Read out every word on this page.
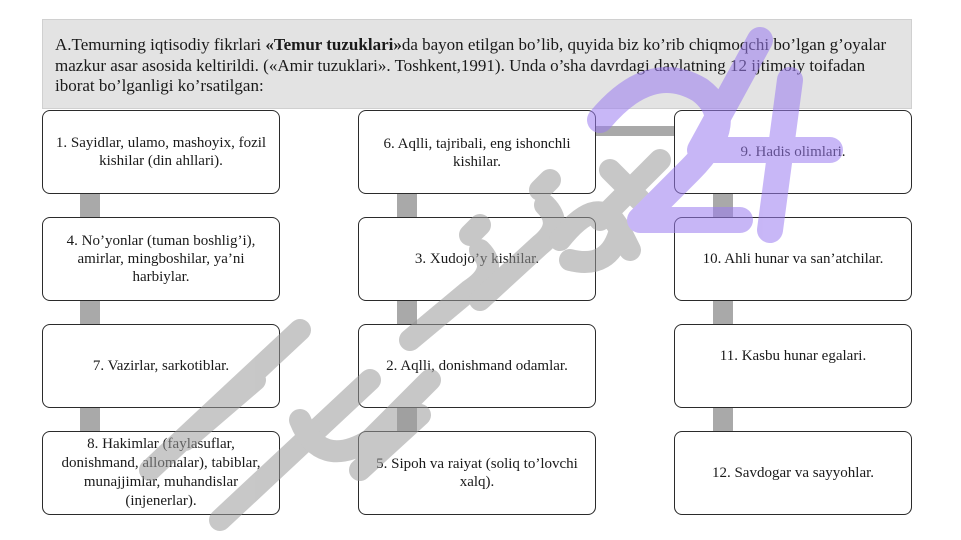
A.Temurning iqtisodiy fikrlari «Temur tuzuklari»da bayon etilgan bo’lib, quyida biz ko’rib chiqmoqchi bo’lgan g’oyalar mazkur asar asosida keltirildi. («Amir tuzuklari». Toshkent,1991). Unda o’sha davrdagi davlatning 12 ijtimoiy toifadan iborat bo’lganligi ko’rsatilgan:
1. Sayidlar, ulamo, mashoyix, fozil kishilar (din ahllari).
4. No’yonlar (tuman boshlig’i), amirlar, mingboshilar, ya’ni harbiylar.
7. Vazirlar, sarkotiblar.
8. Hakimlar (faylasuflar, donishmand, allomalar), tabiblar, munajjimlar, muhandislar (injenerlar).
6. Aqlli, tajribali, eng ishonchli kishilar.
3. Xudojo’y kishilar.
2. Aqlli, donishmand odamlar.
5. Sipoh va raiyat (soliq to’lovchi xalq).
9. Hadis olimlari.
10. Ahli hunar va san’atchilar.
11. Kasbu hunar egalari.
12. Savdogar va sayyohlar.
